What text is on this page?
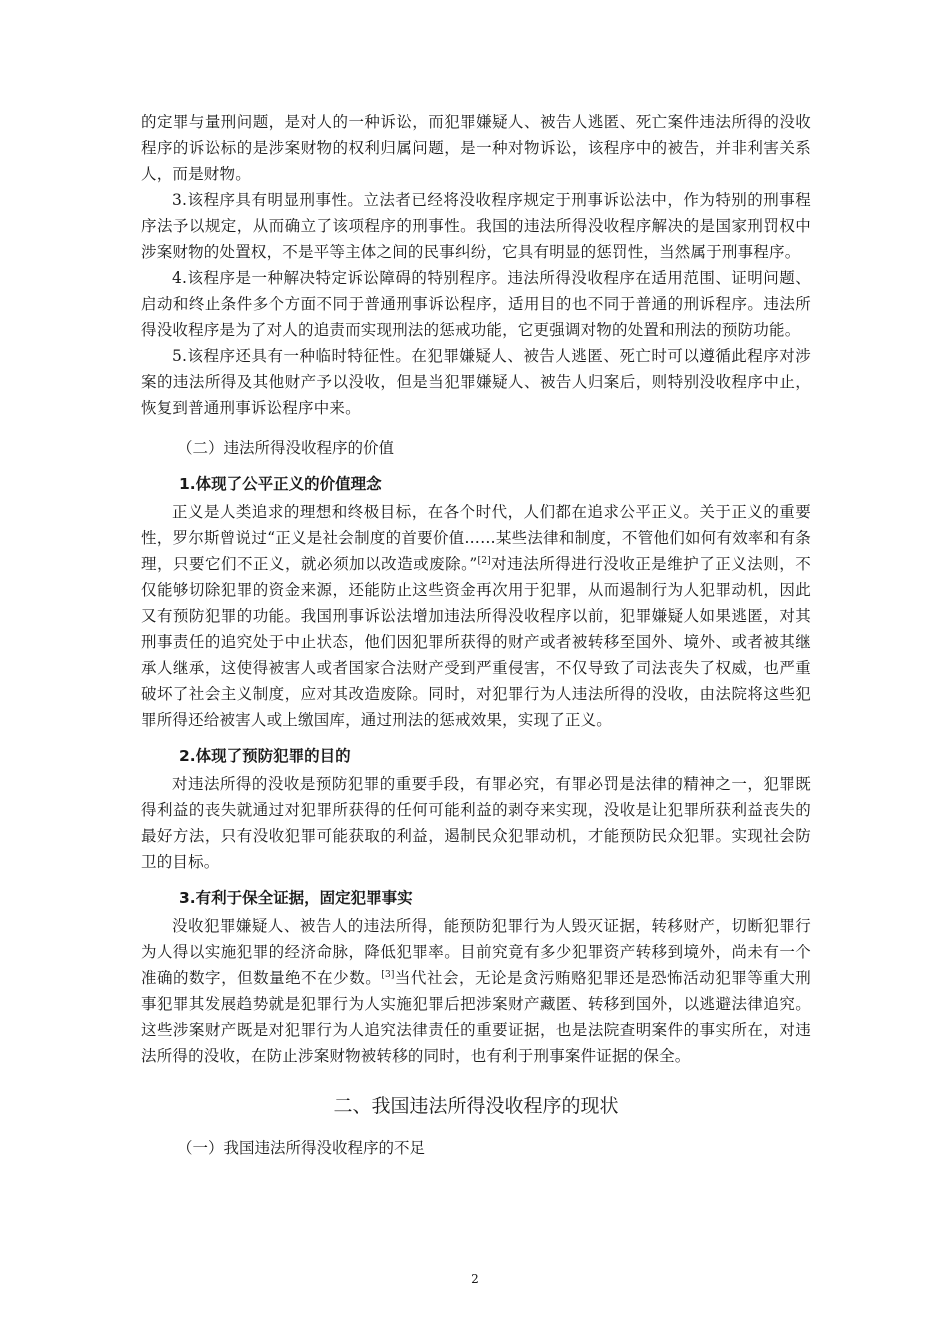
的定罪与量刑问题，是对人的一种诉讼，而犯罪嫌疑人、被告人逃匿、死亡案件违法所得的没收程序的诉讼标的是涉案财物的权利归属问题，是一种对物诉讼，该程序中的被告，并非利害关系人，而是财物。

3.该程序具有明显刑事性。立法者已经将没收程序规定于刑事诉讼法中，作为特别的刑事程序法予以规定，从而确立了该项程序的刑事性。我国的违法所得没收程序解决的是国家刑罚权中涉案财物的处置权，不是平等主体之间的民事纠纷，它具有明显的惩罚性，当然属于刑事程序。

4.该程序是一种解决特定诉讼障碍的特别程序。违法所得没收程序在适用范围、证明问题、启动和终止条件多个方面不同于普通刑事诉讼程序，适用目的也不同于普通的刑诉程序。违法所得没收程序是为了对人的追责而实现刑法的惩戒功能，它更强调对物的处置和刑法的预防功能。

5.该程序还具有一种临时特征性。在犯罪嫌疑人、被告人逃匿、死亡时可以遵循此程序对涉案的违法所得及其他财产予以没收，但是当犯罪嫌疑人、被告人归案后，则特别没收程序中止，恢复到普通刑事诉讼程序中来。

（二）违法所得没收程序的价值
1.体现了公平正义的价值理念

正义是人类追求的理想和终极目标，在各个时代，人们都在追求公平正义。关于正义的重要性，罗尔斯曾说过“正义是社会制度的首要价值……某些法律和制度，不管他们如何有效率和有条理，只要它们不正义，就必须加以改造或废除。”[2]对违法所得进行没收正是维护了正义法则，不仅能够切除犯罪的资金来源，还能防止这些资金再次用于犯罪，从而遏制行为人犯罪动机，因此又有预防犯罪的功能。我国刑事诉讼法增加违法所得没收程序以前，犯罪嫌疑人如果逃匿，对其刑事责任的追究处于中止状态，他们因犯罪所获得的财产或者被转移至国外、境外、或者被其继承人继承，这使得被害人或者国家合法财产受到严重侵害，不仅导致了司法丧失了权威，也严重破坏了社会主义制度，应对其改造废除。同时，对犯罪行为人违法所得的没收，由法院将这些犯罪所得还给被害人或上缴国库，通过刑法的惩戒效果，实现了正义。

2.体现了预防犯罪的目的

对违法所得的没收是预防犯罪的重要手段，有罪必究，有罪必罚是法律的精神之一，犯罪既得利益的丧失就通过对犯罪所获得的任何可能利益的剥夺来实现，没收是让犯罪所获利益丧失的最好方法，只有没收犯罪可能获取的利益，遏制民众犯罪动机，才能预防民众犯罪。实现社会防卫的目标。

3.有利于保全证据，固定犯罪事实

没收犯罪嫌疑人、被告人的违法所得，能预防犯罪行为人毁灭证据，转移财产，切断犯罪行为人得以实施犯罪的经济命脉，降低犯罪率。目前究竟有多少犯罪资产转移到境外，尚未有一个准确的数字，但数量绝不在少数。[3]当代社会，无论是贪污贿赂犯罪还是恐怖活动犯罪等重大刑事犯罪其发展趋势就是犯罪行为人实施犯罪后把涉案财产藏匿、转移到国外，以逃避法律追究。这些涉案财产既是对犯罪行为人追究法律责任的重要证据，也是法院查明案件的事实所在，对违法所得的没收，在防止涉案财物被转移的同时，也有利于刑事案件证据的保全。

二、我国违法所得没收程序的现状
（一）我国违法所得没收程序的不足
2
